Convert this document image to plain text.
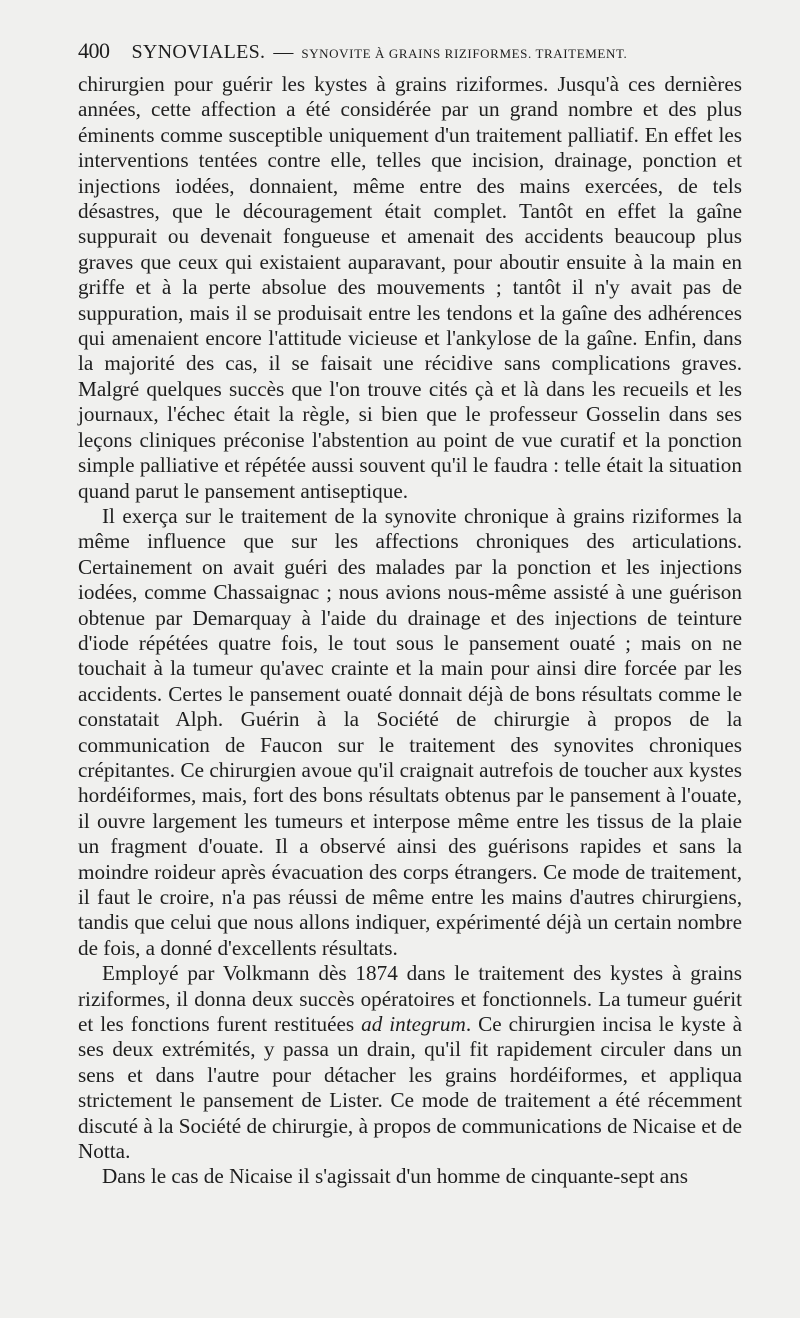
400 SYNOVIALES. — SYNOVITE À GRAINS RIZIFORMES. TRAITEMENT.

chirurgien pour guérir les kystes à grains riziformes. Jusqu'à ces dernières années, cette affection a été considérée par un grand nombre et des plus éminents comme susceptible uniquement d'un traitement palliatif. En effet les interventions tentées contre elle, telles que incision, drainage, ponction et injections iodées, donnaient, même entre des mains exercées, de tels désastres, que le découragement était complet. Tantôt en effet la gaîne suppurait ou devenait fongueuse et amenait des accidents beaucoup plus graves que ceux qui existaient auparavant, pour aboutir ensuite à la main en griffe et à la perte absolue des mouvements ; tantôt il n'y avait pas de suppuration, mais il se produisait entre les tendons et la gaîne des adhérences qui amenaient encore l'attitude vicieuse et l'ankylose de la gaîne. Enfin, dans la majorité des cas, il se faisait une récidive sans complications graves. Malgré quelques succès que l'on trouve cités çà et là dans les recueils et les journaux, l'échec était la règle, si bien que le professeur Gosselin dans ses leçons cliniques préconise l'abstention au point de vue curatif et la ponction simple palliative et répétée aussi souvent qu'il le faudra : telle était la situation quand parut le pansement antiseptique.

Il exerça sur le traitement de la synovite chronique à grains riziformes la même influence que sur les affections chroniques des articulations. Certainement on avait guéri des malades par la ponction et les injections iodées, comme Chassaignac ; nous avions nous-même assisté à une guérison obtenue par Demarquay à l'aide du drainage et des injections de teinture d'iode répétées quatre fois, le tout sous le pansement ouaté ; mais on ne touchait à la tumeur qu'avec crainte et la main pour ainsi dire forcée par les accidents. Certes le pansement ouaté donnait déjà de bons résultats comme le constatait Alph. Guérin à la Société de chirurgie à propos de la communication de Faucon sur le traitement des synovites chroniques crépitantes. Ce chirurgien avoue qu'il craignait autrefois de toucher aux kystes hordéiformes, mais, fort des bons résultats obtenus par le pansement à l'ouate, il ouvre largement les tumeurs et interpose même entre les tissus de la plaie un fragment d'ouate. Il a observé ainsi des guérisons rapides et sans la moindre roideur après évacuation des corps étrangers. Ce mode de traitement, il faut le croire, n'a pas réussi de même entre les mains d'autres chirurgiens, tandis que celui que nous allons indiquer, expérimenté déjà un certain nombre de fois, a donné d'excellents résultats.

Employé par Volkmann dès 1874 dans le traitement des kystes à grains riziformes, il donna deux succès opératoires et fonctionnels. La tumeur guérit et les fonctions furent restituées ad integrum. Ce chirurgien incisa le kyste à ses deux extrémités, y passa un drain, qu'il fit rapidement circuler dans un sens et dans l'autre pour détacher les grains hordéiformes, et appliqua strictement le pansement de Lister. Ce mode de traitement a été récemment discuté à la Société de chirurgie, à propos de communications de Nicaise et de Notta.

Dans le cas de Nicaise il s'agissait d'un homme de cinquante-sept ans
